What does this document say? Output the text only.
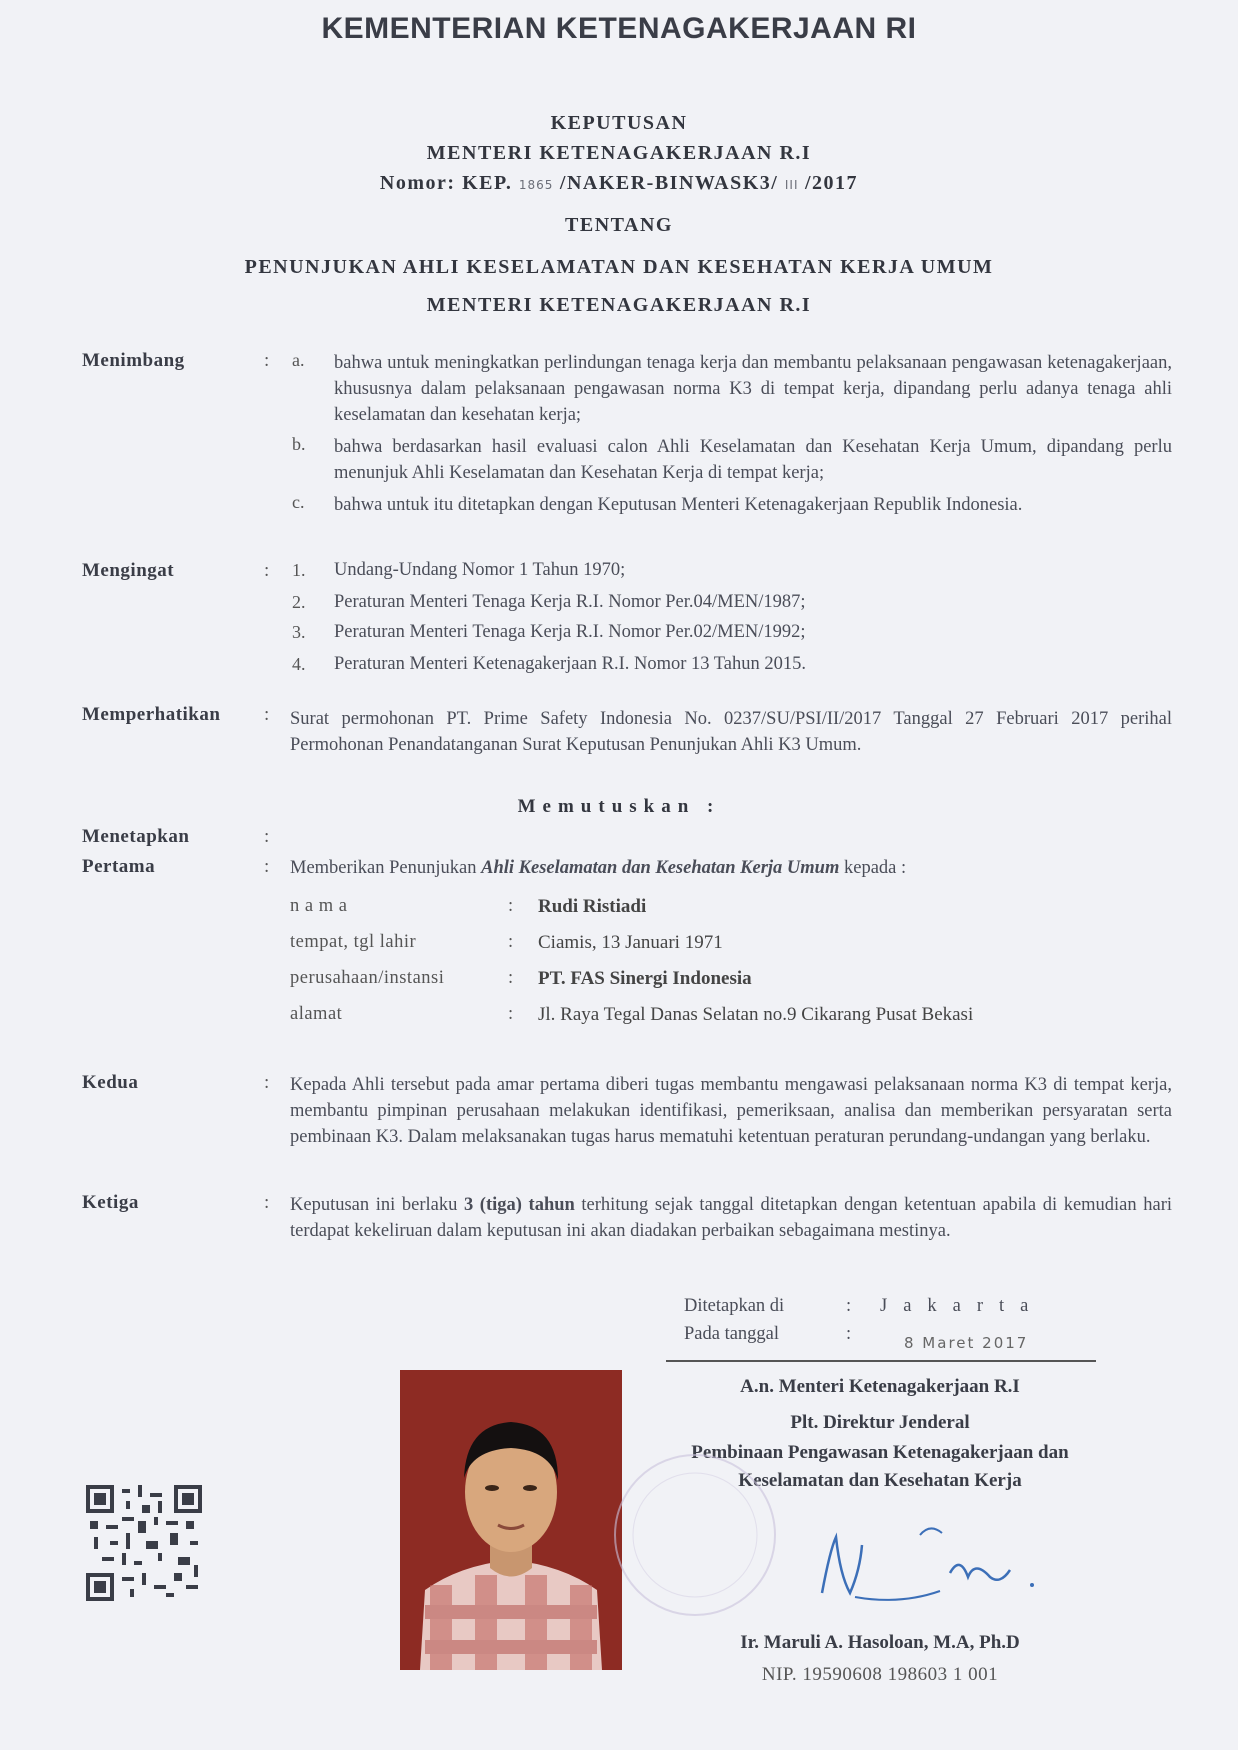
KEMENTERIAN KETENAGAKERJAAN RI
KEPUTUSAN
MENTERI KETENAGAKERJAAN R.I
Nomor: KEP. 1865 /NAKER-BINWASK3/ III /2017
TENTANG
PENUNJUKAN AHLI KESELAMATAN DAN KESEHATAN KERJA UMUM
MENTERI KETENAGAKERJAAN R.I
Menimbang	: a. bahwa untuk meningkatkan perlindungan tenaga kerja dan membantu pelaksanaan pengawasan ketenagakerjaan, khususnya dalam pelaksanaan pengawasan norma K3 di tempat kerja, dipandang perlu adanya tenaga ahli keselamatan dan kesehatan kerja;
b. bahwa berdasarkan hasil evaluasi calon Ahli Keselamatan dan Kesehatan Kerja Umum, dipandang perlu menunjuk Ahli Keselamatan dan Kesehatan Kerja di tempat kerja;
c. bahwa untuk itu ditetapkan dengan Keputusan Menteri Ketenagakerjaan Republik Indonesia.
Mengingat	: 1. Undang-Undang Nomor 1 Tahun 1970;
2. Peraturan Menteri Tenaga Kerja R.I. Nomor Per.04/MEN/1987;
3. Peraturan Menteri Tenaga Kerja R.I. Nomor Per.02/MEN/1992;
4. Peraturan Menteri Ketenagakerjaan R.I. Nomor 13 Tahun 2015.
Memperhatikan : Surat permohonan PT. Prime Safety Indonesia No. 0237/SU/PSI/II/2017 Tanggal 27 Februari 2017 perihal Permohonan Penandatanganan Surat Keputusan Penunjukan Ahli K3 Umum.
Memutuskan :
Menetapkan	:
Pertama	: Memberikan Penunjukan Ahli Keselamatan dan Kesehatan Kerja Umum kepada :
n a m a	: Rudi Ristiadi
tempat, tgl lahir	: Ciamis, 13 Januari 1971
perusahaan/instansi	: PT. FAS Sinergi Indonesia
alamat	: Jl. Raya Tegal Danas Selatan no.9 Cikarang Pusat Bekasi
Kedua	: Kepada Ahli tersebut pada amar pertama diberi tugas membantu mengawasi pelaksanaan norma K3 di tempat kerja, membantu pimpinan perusahaan melakukan identifikasi, pemeriksaan, analisa dan memberikan persyaratan serta pembinaan K3. Dalam melaksanakan tugas harus mematuhi ketentuan peraturan perundang-undangan yang berlaku.
Ketiga	: Keputusan ini berlaku 3 (tiga) tahun terhitung sejak tanggal ditetapkan dengan ketentuan apabila di kemudian hari terdapat kekeliruan dalam keputusan ini akan diadakan perbaikan sebagaimana mestinya.
Ditetapkan di	: Jakarta
Pada tanggal	:	8 Maret 2017
A.n. Menteri Ketenagakerjaan R.I
Plt. Direktur Jenderal
Pembinaan Pengawasan Ketenagakerjaan dan
Keselamatan dan Kesehatan Kerja
Ir. Maruli A. Hasoloan, M.A, Ph.D
NIP. 19590608 198603 1 001
